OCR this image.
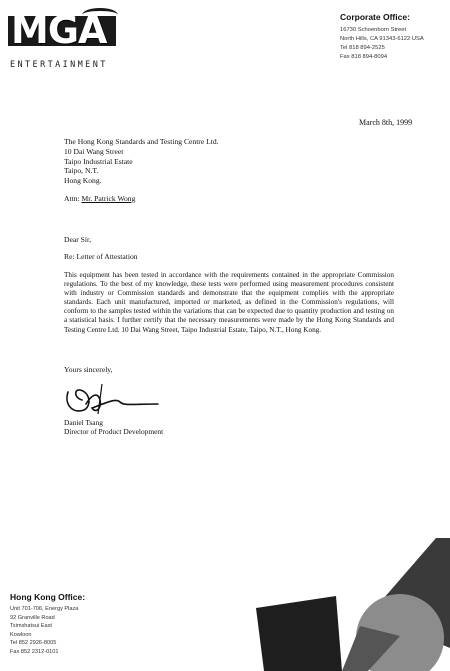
MGA
ENTERTAINMENT
Corporate Office:
16730 Schoenborn Street
North Hills, CA 91343-6122 USA
Tel 818 894-2525
Fax 818 894-8094
March 8th, 1999
The Hong Kong Standards and Testing Centre Ltd.
10 Dai Wang Street
Taipo Industrial Estate
Taipo, N.T.
Hong Kong.
Attn: Mr. Patrick Wong
Dear Sir,
Re: Letter of Attestation
This equipment has been tested in accordance with the requirements contained in the appropriate Commission regulations. To the best of my knowledge, these tests were performed using measurement procedures consistent with industry or Commission standards and demonstrate that the equipment complies with the appropriate standards. Each unit manufactured, imported or marketed, as defined in the Commission's regulations, will conform to the samples tested within the variations that can be expected due to quantity production and testing on a statistical basis. I further certify that the necessary measurements were made by the Hong Kong Standards and Testing Centre Ltd. 10 Dai Wang Street, Taipo Industrial Estate, Taipo, N.T., Hong Kong.
Yours sincerely,
Daniel Tsang
Director of Product Development
Hong Kong Office:
Unit 701-706, Energy Plaza
92 Granville Road
Tsimshatsui East
Kowloon
Tel 852 2926-8005
Fax 852 2312-0101
